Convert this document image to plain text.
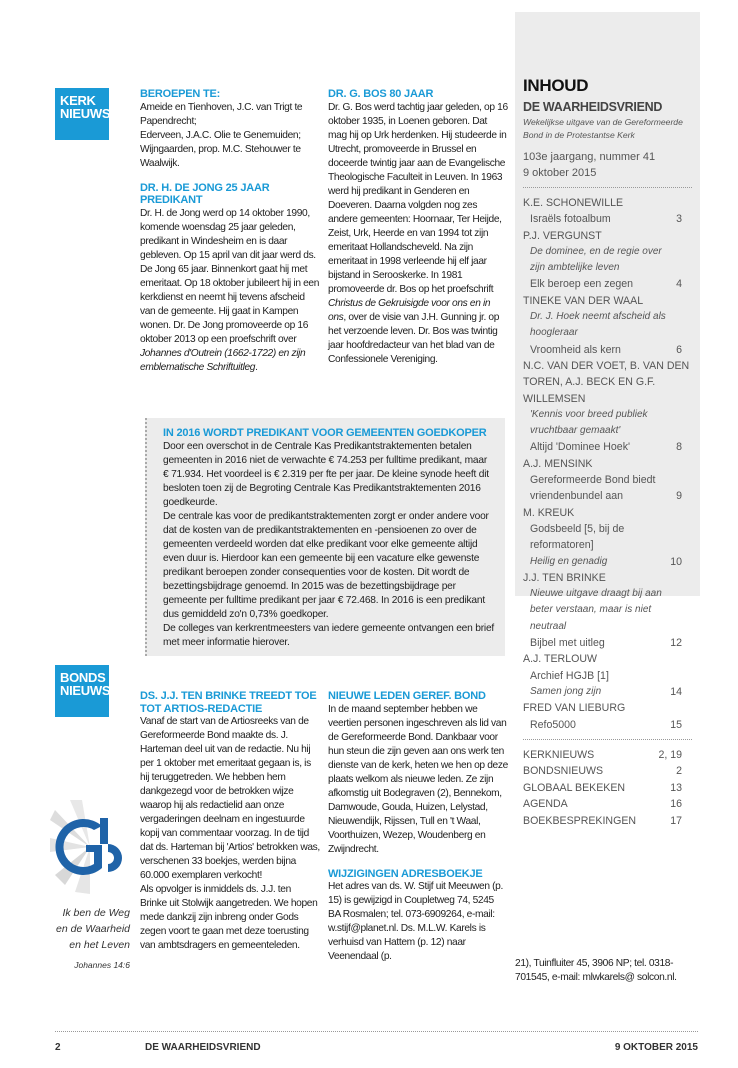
KERK NIEUWS
BEROEPEN TE:

Ameide en Tienhoven, J.C. van Trigt te Papendrecht;

Ederveen, J.A.C. Olie te Genemuiden; Wijngaarden, prop. M.C. Stehouwer te Waalwijk.

DR. H. DE JONG 25 JAAR PREDIKANT

Dr. H. de Jong werd op 14 oktober 1990, komende woensdag 25 jaar geleden, predikant in Windesheim en is daar gebleven. Op 15 april van dit jaar werd ds. De Jong 65 jaar. Binnenkort gaat hij met emeritaat. Op 18 oktober jubileert hij in een kerkdienst en neemt hij tevens afscheid van de gemeente. Hij gaat in Kampen wonen. Dr. De Jong promoveerde op 16 oktober 2013 op een proefschrift over Johannes d'Outrein (1662-1722) en zijn emblematische Schriftuitleg.

DR. G. BOS 80 JAAR

Dr. G. Bos werd tachtig jaar geleden, op 16 oktober 1935, in Loenen geboren. Dat mag hij op Urk herdenken. Hij studeerde in Utrecht, promoveerde in Brussel en doceerde twintig jaar aan de Evangelische Theologische Faculteit in Leuven. In 1963 werd hij predikant in Genderen en Doeveren. Daarna volgden nog zes andere gemeenten: Hoornaar, Ter Heijde, Zeist, Urk, Heerde en van 1994 tot zijn emeritaat Hollandscheveld. Na zijn emeritaat in 1998 verleende hij elf jaar bijstand in Serooskerke. In 1981 promoveerde dr. Bos op het proefschrift Christus de Gekruisigde voor ons en in ons, over de visie van J.H. Gunning jr. op het verzoende leven. Dr. Bos was twintig jaar hoofdredacteur van het blad van de Confessionele Vereniging.

IN 2016 WORDT PREDIKANT VOOR GEMEENTEN GOEDKOPER

Door een overschot in de Centrale Kas Predikantstraktementen betalen gemeenten in 2016 niet de verwachte € 74.253 per fulltime predikant, maar € 71.934. Het voordeel is € 2.319 per fte per jaar. De kleine synode heeft dit besloten toen zij de Begroting Centrale Kas Predikantstraktementen 2016 goedkeurde.

De centrale kas voor de predikantstraktementen zorgt er onder andere voor dat de kosten van de predikantstraktementen en -pensioenen zo over de gemeenten verdeeld worden dat elke predikant voor elke gemeente altijd even duur is. Hierdoor kan een gemeente bij een vacature elke gewenste predikant beroepen zonder consequenties voor de kosten. Dit wordt de bezettingsbijdrage genoemd. In 2015 was de bezettingsbijdrage per gemeente per fulltime predikant per jaar € 72.468. In 2016 is een predikant dus gemiddeld zo'n 0,73% goedkoper.

De colleges van kerkrentmeesters van iedere gemeente ontvangen een brief met meer informatie hierover.

BONDS NIEUWS
Ik ben de Weg
en de Waarheid
en het Leven
Johannes 14:6
DS. J.J. TEN BRINKE TREEDT TOE TOT ARTIOS-REDACTIE

Vanaf de start van de Artiosreeks van de Gereformeerde Bond maakte ds. J. Harteman deel uit van de redactie. Nu hij per 1 oktober met emeritaat gegaan is, is hij teruggetreden. We hebben hem dankgezegd voor de betrokken wijze waarop hij als redactielid aan onze vergaderingen deelnam en ingestuurde kopij van commentaar voorzag. In de tijd dat ds. Harteman bij 'Artios' betrokken was, verschenen 33 boekjes, werden bijna 60.000 exemplaren verkocht!

Als opvolger is inmiddels ds. J.J. ten Brinke uit Stolwijk aangetreden. We hopen mede dankzij zijn inbreng onder Gods zegen voort te gaan met deze toerusting van ambtsdragers en gemeenteleden.

NIEUWE LEDEN GEREF. BOND

In de maand september hebben we veertien personen ingeschreven als lid van de Gereformeerde Bond. Dankbaar voor hun steun die zijn geven aan ons werk ten dienste van de kerk, heten we hen op deze plaats welkom als nieuwe leden. Ze zijn afkomstig uit Bodegraven (2), Bennekom, Damwoude, Gouda, Huizen, Lelystad, Nieuwendijk, Rijssen, Tull en 't Waal, Voorthuizen, Wezep, Woudenberg en Zwijndrecht.

WIJZIGINGEN ADRESBOEKJE

Het adres van ds. W. Stijf uit Meeuwen (p. 15) is gewijzigd in Coupletweg 74, 5245 BA Rosmalen; tel. 073-6909264, e-mail: w.stijf@planet.nl. Ds. M.L.W. Karels is verhuisd van Hattem (p. 12) naar Veenendaal (p.

21), Tuinfluiter 45, 3906 NP; tel. 0318-701545, e-mail: mlwkarels@ solcon.nl.

INHOUD
DE WAARHEIDSVRIEND
Wekelijkse uitgave van de Gereformeerde Bond in de Protestantse Kerk
103e jaargang, nummer 41
9 oktober 2015
K.E. SCHONEWILLE
Israëls fotoalbum	3
P.J. VERGUNST
De dominee, en de regie over zijn ambtelijke leven
Elk beroep een zegen	4
TINEKE VAN DER WAAL
Dr. J. Hoek neemt afscheid als hoogleraar
Vroomheid als kern	6
N.C. VAN DER VOET, B. VAN DEN TOREN, A.J. BECK EN G.F. WILLEMSEN
'Kennis voor breed publiek vruchtbaar gemaakt'
Altijd 'Dominee Hoek'	8
A.J. MENSINK
Gereformeerde Bond biedt vriendenbundel aan	9
M. KREUK
Godsbeeld [5, bij de reformatoren]
Heilig en genadig	10
J.J. TEN BRINKE
Nieuwe uitgave draagt bij aan beter verstaan, maar is niet neutraal
Bijbel met uitleg	12
A.J. TERLOUW
Archief HGJB [1]
Samen jong zijn	14
FRED VAN LIEBURG
Refo5000	15
KERKNIEUWS	2, 19
BONDSNIEUWS	2
GLOBAAL BEKEKEN	13
AGENDA	16
BOEKBESPREKINGEN	17
2	DE WAARHEIDSVRIEND	9 OKTOBER 2015
